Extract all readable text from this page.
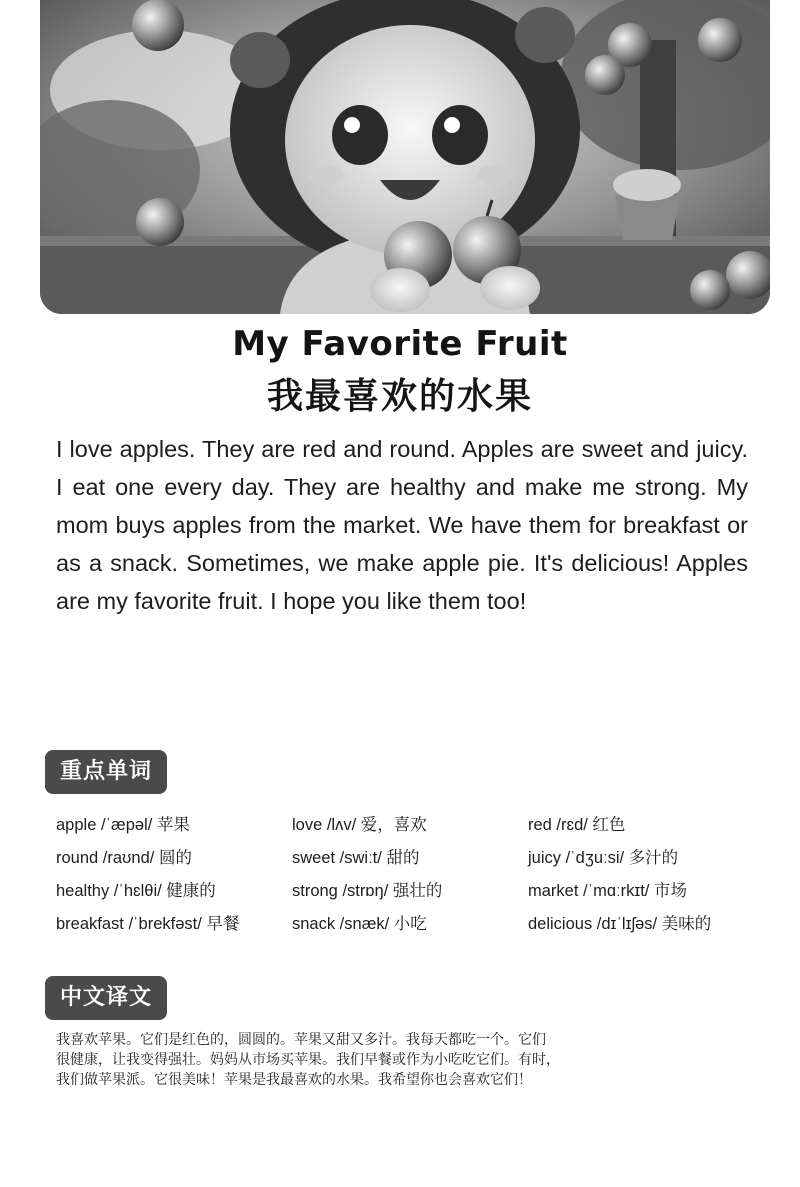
My Favorite Fruit
我最喜欢的水果

I love apples. They are red and round. Apples are sweet and juicy. I eat one every day. They are healthy and make me strong. My mom buys apples from the market. We have them for breakfast or as a snack. Sometimes, we make apple pie. It's delicious! Apples are my favorite fruit. I hope you like them too!

重点单词
apple /ˈæpəl/ 苹果	love /lʌv/ 爱，喜欢	red /rɛd/ 红色
round /raʊnd/ 圆的	sweet /swiːt/ 甜的	juicy /ˈdʒuːsi/ 多汁的
healthy /ˈhɛlθi/ 健康的	strong /strɒŋ/ 强壮的	market /ˈmɑːrkɪt/ 市场
breakfast /ˈbrekfəst/ 早餐	snack /snæk/ 小吃	delicious /dɪˈlɪʃəs/ 美味的
中文译文
我喜欢苹果。它们是红色的，圆圆的。苹果又甜又多汁。我每天都吃一个。它们
很健康，让我变得强壮。妈妈从市场买苹果。我们早餐或作为小吃吃它们。有时，
我们做苹果派。它很美味！苹果是我最喜欢的水果。我希望你也会喜欢它们！
